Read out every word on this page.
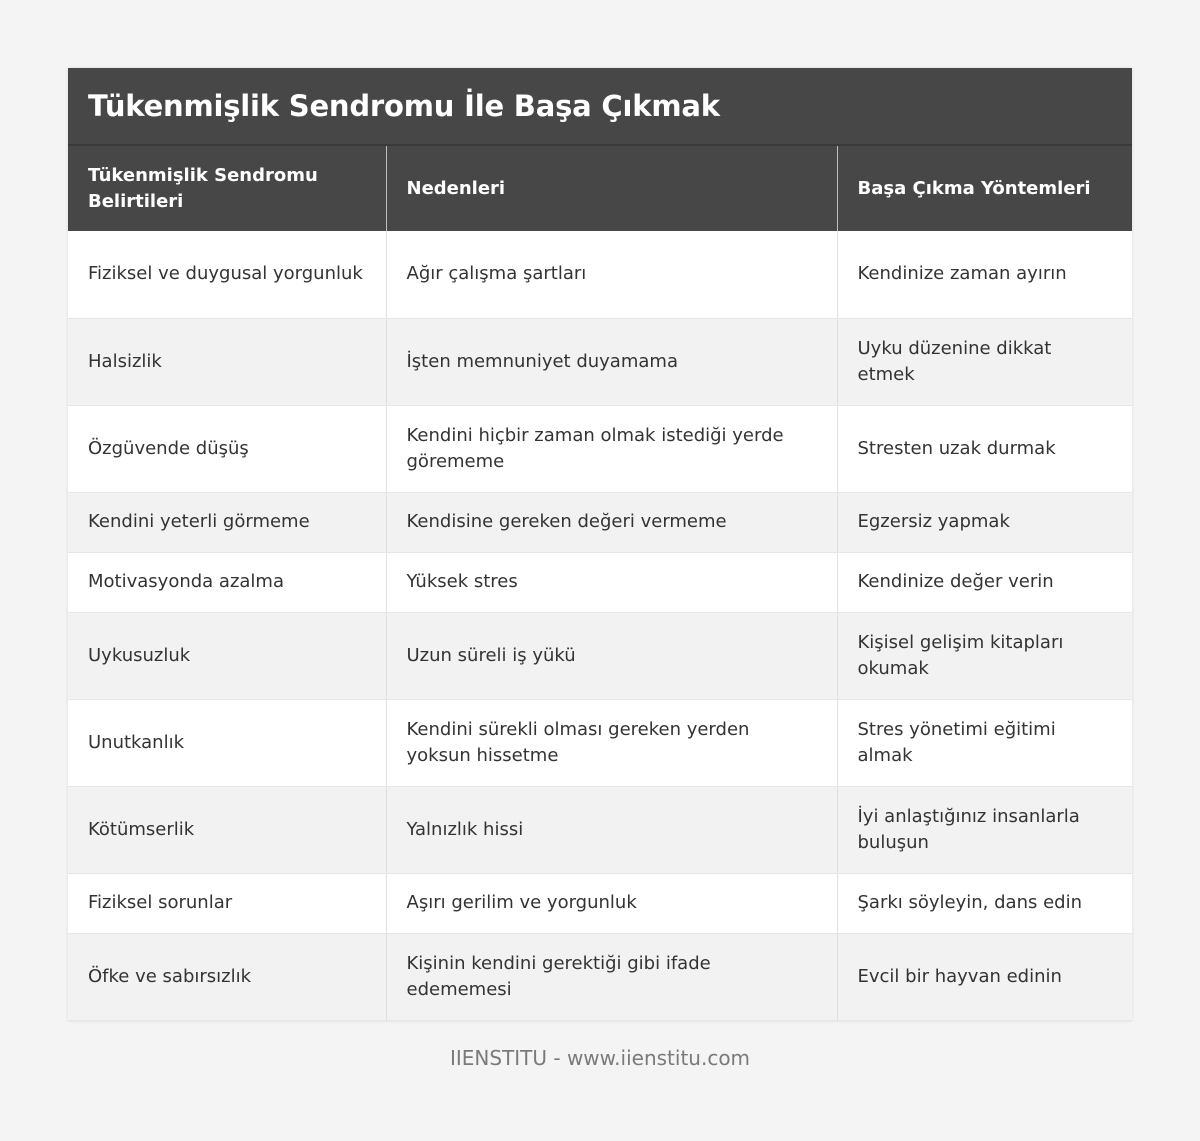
Tükenmişlik Sendromu İle Başa Çıkmak
Tükenmişlik Sendromu Belirtileri	Nedenleri	Başa Çıkma Yöntemleri
Fiziksel ve duygusal yorgunluk	Ağır çalışma şartları	Kendinize zaman ayırın
Halsizlik	İşten memnuniyet duyamama	Uyku düzenine dikkat etmek
Özgüvende düşüş	Kendini hiçbir zaman olmak istediği yerde görememe	Stresten uzak durmak
Kendini yeterli görmeme	Kendisine gereken değeri vermeme	Egzersiz yapmak
Motivasyonda azalma	Yüksek stres	Kendinize değer verin
Uykusuzluk	Uzun süreli iş yükü	Kişisel gelişim kitapları okumak
Unutkanlık	Kendini sürekli olması gereken yerden yoksun hissetme	Stres yönetimi eğitimi almak
Kötümserlik	Yalnızlık hissi	İyi anlaştığınız insanlarla buluşun
Fiziksel sorunlar	Aşırı gerilim ve yorgunluk	Şarkı söyleyin, dans edin
Öfke ve sabırsızlık	Kişinin kendini gerektiği gibi ifade edememesi	Evcil bir hayvan edinin
IIENSTITU - www.iienstitu.com
